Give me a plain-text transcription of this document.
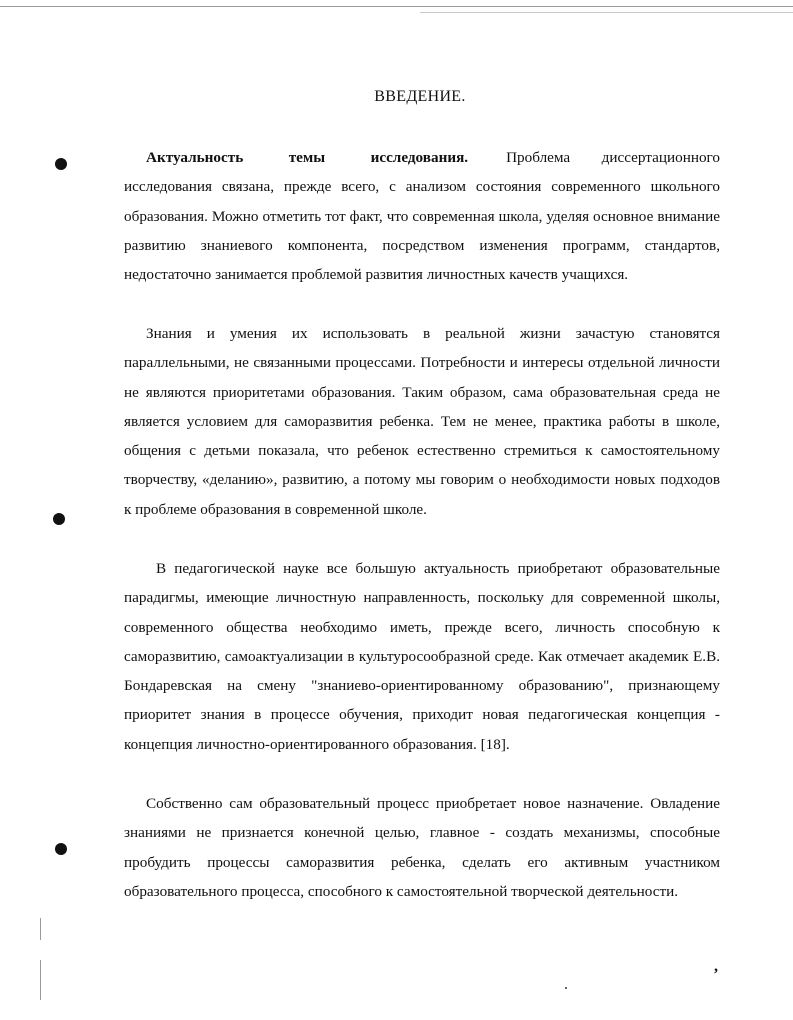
ВВЕДЕНИЕ.

Актуальность темы исследования.	Проблема диссертационного исследования связана, прежде всего, с анализом состояния современного школьного образования. Можно отметить тот факт, что современная школа, уделяя основное внимание развитию знаниевого компонента, посредством изменения программ, стандартов, недостаточно занимается проблемой развития личностных качеств учащихся.

Знания и умения их использовать в реальной жизни зачастую становятся параллельными, не связанными процессами. Потребности и интересы отдельной личности не являются приоритетами образования. Таким образом, сама образовательная среда не является условием для саморазвития ребенка. Тем не менее, практика работы в школе, общения с детьми показала, что ребенок естественно стремиться к самостоятельному творчеству, «деланию», развитию, а потому мы говорим о необходимости новых подходов к проблеме образования в современной школе.

В педагогической науке все большую актуальность приобретают образовательные парадигмы, имеющие личностную направленность, поскольку для современной школы, современного общества необходимо иметь, прежде всего, личность способную к саморазвитию, самоактуализации в культуросообразной среде. Как отмечает академик Е.В. Бондаревская на смену "знаниево-ориентированному образованию", признающему приоритет знания в процессе обучения, приходит новая педагогическая концепция - концепция личностно-ориентированного образования. [18].

Собственно сам образовательный процесс приобретает новое назначение. Овладение знаниями не признается конечной целью, главное - создать механизмы, способные пробудить процессы саморазвития ребенка, сделать его активным участником образовательного процесса, способного к самостоятельной творческой деятельности.

,
